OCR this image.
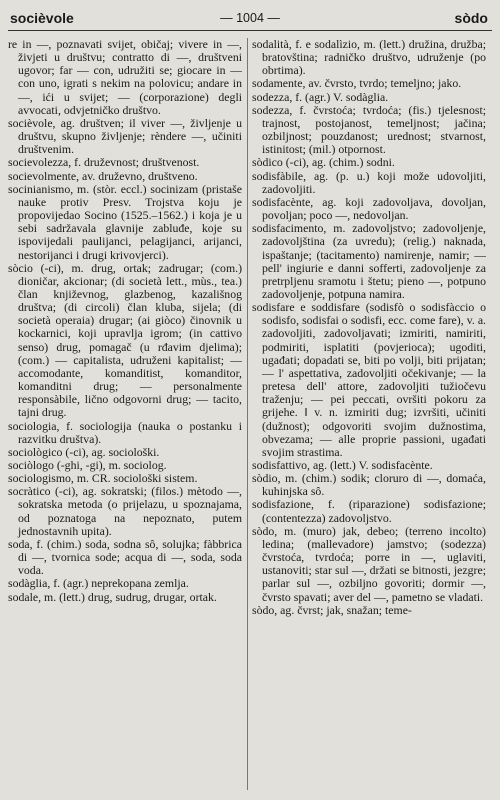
socièvole	— 1004 —	sòdo

re in —, poznavati svijet, običaj; vivere in —, živjeti u društvu; contratto di —, društveni ugovor; far — con, udružiti se; giocare in — con uno, igrati s nekim na polovicu; andare in —, ići u svijet; — (corporazione) degli avvocati, odvjetničko društvo.

socièvole, ag. društven; il viver —, življenje u društvu, skupno življenje; rèndere —, učiniti društvenim.

socievolezza, f. druževnost; društvenost.

socievolmente, av. druževno, društveno.

socinianismo, m. (stòr. eccl.) socinizam (pristaše nauke protiv Presv. Trojstva koju je propovijedao Socino (1525.–1562.) i koja je u sebi sadržavala glavnije zabluđe, koje su ispovijedali paulijanci, pelagijanci, arijanci, nestorijanci i drugi krivovjerci).

sòcio (-ci), m. drug, ortak; zadrugar; (com.) dioničar, akcionar; (di società lett., mùs., tea.) član književnog, glazbenog, kazališnog društva; (di circoli) član kluba, sijela; (di società operaia) drugar; (ai giòco) činovnik u kockarnici, koji upravlja igrom; (in cattivo senso) drug, pomagač (u rđavim djelima); (com.) — capitalista, udruženi kapitalist; — accomodante, komanditist, komanditor, komanditni drug; — personalmente responsàbile, lično odgovorni drug; — tacito, tajni drug.

sociologia, f. sociologija (nauka o postanku i razvitku društva).

sociològico (-ci), ag. sociološki.

sociòlogo (-ghi, -gi), m. sociolog.

sociologismo, m. CR. sociološki sistem.

socràtico (-ci), ag. sokratski; (filos.) mètodo —, sokratska metoda (o prijelazu, u spoznajama, od poznatoga na nepoznato, putem jednostavnih upita).

soda, f. (chim.) soda, sodna sô, solujka; fàbbrica di —, tvornica sode; acqua di —, soda, soda voda.

sodàglia, f. (agr.) neprekopana zemlja.

sodale, m. (lett.) drug, sudrug, drugar, ortak.

sodalità, f. e sodalìzio, m. (lett.) družina, družba; bratovština; radničko društvo, udruženje (po obrtima).

sodamente, av. čvrsto, tvrdo; temeljno; jako.

sodezza, f. (agr.) V. sodàglia.

sodezza, f. čvrstoća; tvrdoća; (fis.) tjelesnost; trajnost, postojanost, temeljnost; jačina; ozbiljnost; pouzdanost; urednost; stvarnost, istinitost; (mil.) otpornost.

sòdico (-ci), ag. (chim.) sodni.

sodisfàbile, ag. (p. u.) koji može udovoljiti, zadovoljiti.

sodisfacènte, ag. koji zadovoljava, dovoljan, povoljan; poco —, nedovoljan.

sodisfacimento, m. zadovoljstvo; zadovoljenje, zadovoljština (za uvredu); (relig.) naknada, ispaštanje; (tacitamento) namirenje, namir; — pell' ingiurie e danni sofferti, zadovoljenje za pretrpljenu sramotu i štetu; pieno —, potpuno zadovoljenje, potpuna namira.

sodisfare e soddisfare (sodisfò o sodisfàccio o sodisfo, sodisfai o sodisfi, ecc. come fare), v. a. zadovoljiti, zadovoljavati; izmiriti, namiriti, podmiriti, isplatiti (povjerioca); ugoditi, ugađati; dopadati se, biti po volji, biti prijatan; — l' aspettativa, zadovoljiti očekivanje; — la pretesa dell' attore, zadovoljiti tužiočevu traženju; — pei peccati, ovršiti pokoru za grijehe. ‖ v. n. izmiriti dug; izvršiti, učiniti (dužnost); odgovoriti svojim dužnostima, obvezama; — alle proprie passioni, ugađati svojim strastima.

sodisfattivo, ag. (lett.) V. sodisfacènte.

sòdio, m. (chim.) sodik; cloruro di —, domaća, kuhinjska sô.

sodisfazione, f. (riparazione) sodisfazione; (contentezza) zadovoljstvo.

sòdo, m. (muro) jak, debeo; (terreno incolto) ledina; (mallevadore) jamstvo; (sodezza) čvrstoća, tvrdoća; porre in —, uglaviti, ustanoviti; star sul —, držati se bitnosti, jezgre; parlar sul —, ozbiljno govoriti; dormir —, čvrsto spavati; aver del —, pametno se vladati.

sòdo, ag. čvrst; jak, snažan; teme-
